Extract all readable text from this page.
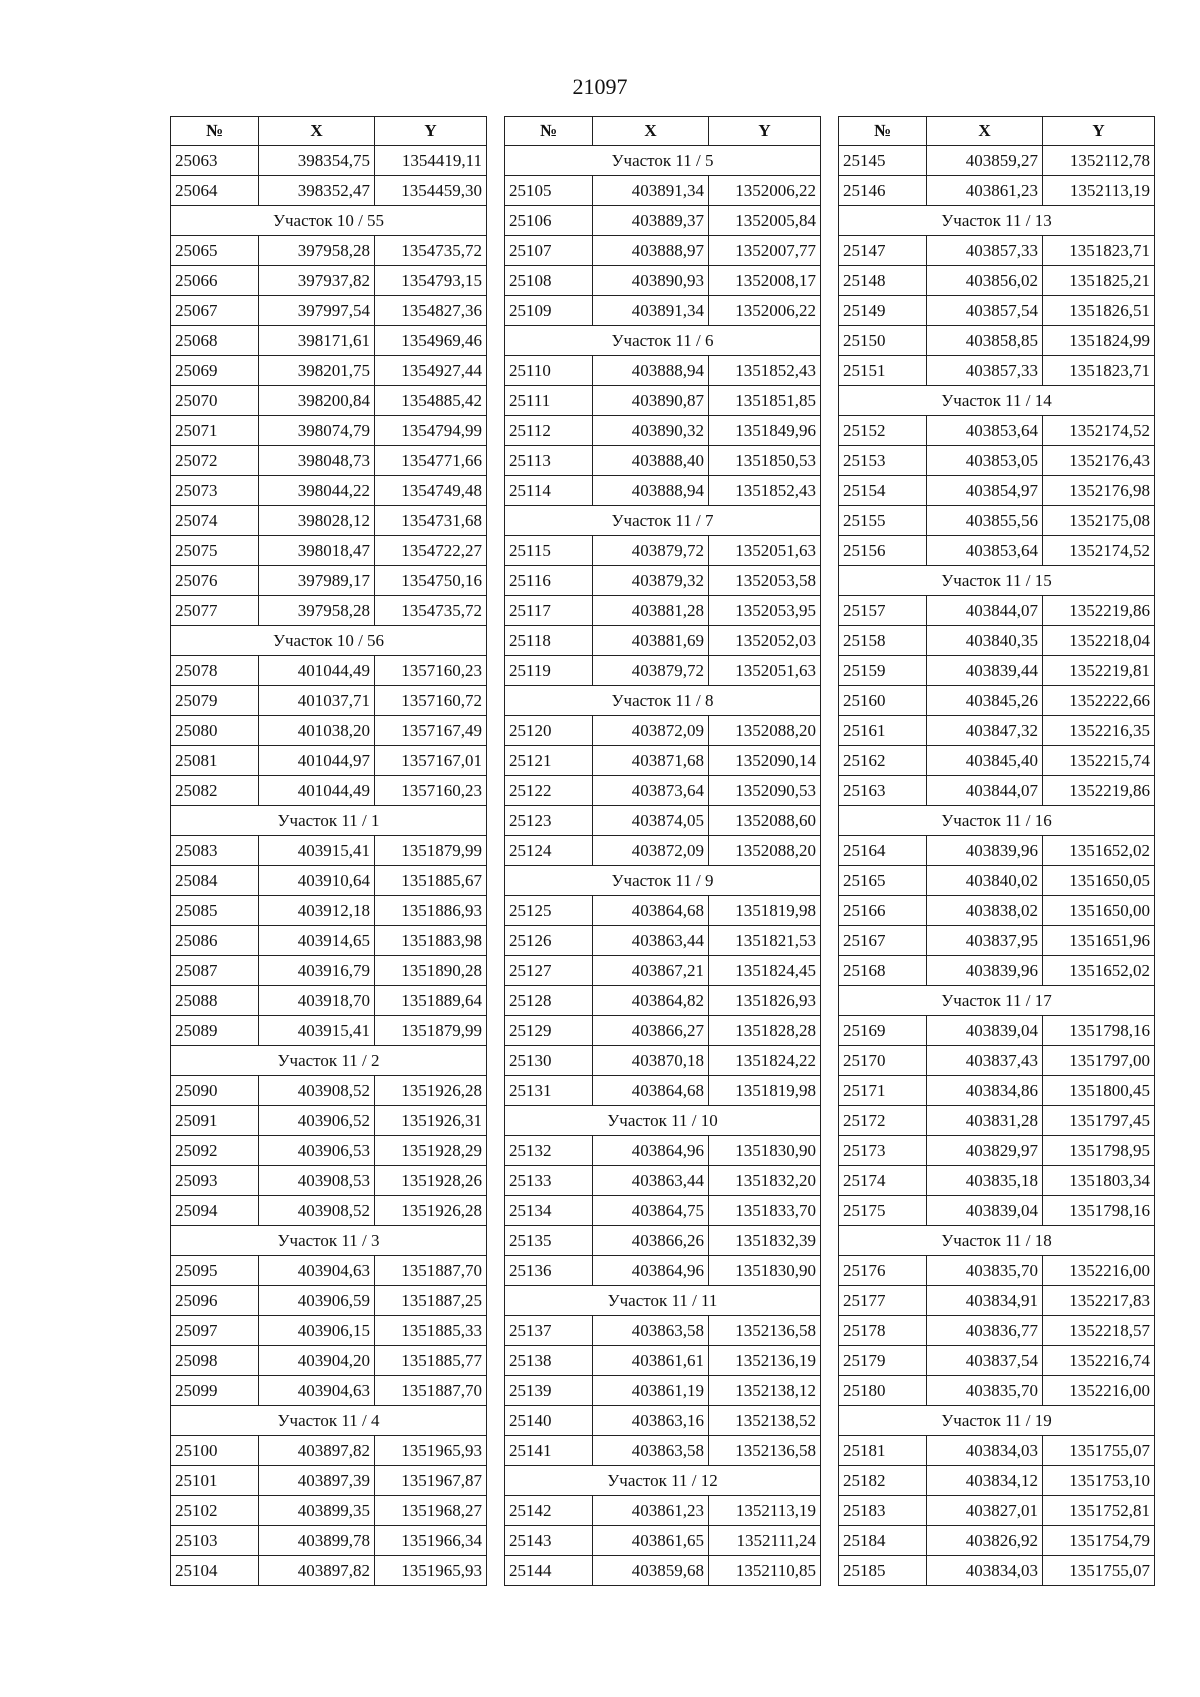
21097
№	X	Y
25063	398354,75	1354419,11
25064	398352,47	1354459,30
Участок 10 / 55		
25065	397958,28	1354735,72
25066	397937,82	1354793,15
25067	397997,54	1354827,36
25068	398171,61	1354969,46
25069	398201,75	1354927,44
25070	398200,84	1354885,42
25071	398074,79	1354794,99
25072	398048,73	1354771,66
25073	398044,22	1354749,48
25074	398028,12	1354731,68
25075	398018,47	1354722,27
25076	397989,17	1354750,16
25077	397958,28	1354735,72
Участок 10 / 56		
25078	401044,49	1357160,23
25079	401037,71	1357160,72
25080	401038,20	1357167,49
25081	401044,97	1357167,01
25082	401044,49	1357160,23
Участок 11 / 1		
25083	403915,41	1351879,99
25084	403910,64	1351885,67
25085	403912,18	1351886,93
25086	403914,65	1351883,98
25087	403916,79	1351890,28
25088	403918,70	1351889,64
25089	403915,41	1351879,99
Участок 11 / 2		
25090	403908,52	1351926,28
25091	403906,52	1351926,31
25092	403906,53	1351928,29
25093	403908,53	1351928,26
25094	403908,52	1351926,28
Участок 11 / 3		
25095	403904,63	1351887,70
25096	403906,59	1351887,25
25097	403906,15	1351885,33
25098	403904,20	1351885,77
25099	403904,63	1351887,70
Участок 11 / 4		
25100	403897,82	1351965,93
25101	403897,39	1351967,87
25102	403899,35	1351968,27
25103	403899,78	1351966,34
25104	403897,82	1351965,93
№	X	Y
Участок 11 / 5		
25105	403891,34	1352006,22
25106	403889,37	1352005,84
25107	403888,97	1352007,77
25108	403890,93	1352008,17
25109	403891,34	1352006,22
Участок 11 / 6		
25110	403888,94	1351852,43
25111	403890,87	1351851,85
25112	403890,32	1351849,96
25113	403888,40	1351850,53
25114	403888,94	1351852,43
Участок 11 / 7		
25115	403879,72	1352051,63
25116	403879,32	1352053,58
25117	403881,28	1352053,95
25118	403881,69	1352052,03
25119	403879,72	1352051,63
Участок 11 / 8		
25120	403872,09	1352088,20
25121	403871,68	1352090,14
25122	403873,64	1352090,53
25123	403874,05	1352088,60
25124	403872,09	1352088,20
Участок 11 / 9		
25125	403864,68	1351819,98
25126	403863,44	1351821,53
25127	403867,21	1351824,45
25128	403864,82	1351826,93
25129	403866,27	1351828,28
25130	403870,18	1351824,22
25131	403864,68	1351819,98
Участок 11 / 10		
25132	403864,96	1351830,90
25133	403863,44	1351832,20
25134	403864,75	1351833,70
25135	403866,26	1351832,39
25136	403864,96	1351830,90
Участок 11 / 11		
25137	403863,58	1352136,58
25138	403861,61	1352136,19
25139	403861,19	1352138,12
25140	403863,16	1352138,52
25141	403863,58	1352136,58
Участок 11 / 12		
25142	403861,23	1352113,19
25143	403861,65	1352111,24
25144	403859,68	1352110,85
№	X	Y
25145	403859,27	1352112,78
25146	403861,23	1352113,19
Участок 11 / 13		
25147	403857,33	1351823,71
25148	403856,02	1351825,21
25149	403857,54	1351826,51
25150	403858,85	1351824,99
25151	403857,33	1351823,71
Участок 11 / 14		
25152	403853,64	1352174,52
25153	403853,05	1352176,43
25154	403854,97	1352176,98
25155	403855,56	1352175,08
25156	403853,64	1352174,52
Участок 11 / 15		
25157	403844,07	1352219,86
25158	403840,35	1352218,04
25159	403839,44	1352219,81
25160	403845,26	1352222,66
25161	403847,32	1352216,35
25162	403845,40	1352215,74
25163	403844,07	1352219,86
Участок 11 / 16		
25164	403839,96	1351652,02
25165	403840,02	1351650,05
25166	403838,02	1351650,00
25167	403837,95	1351651,96
25168	403839,96	1351652,02
Участок 11 / 17		
25169	403839,04	1351798,16
25170	403837,43	1351797,00
25171	403834,86	1351800,45
25172	403831,28	1351797,45
25173	403829,97	1351798,95
25174	403835,18	1351803,34
25175	403839,04	1351798,16
Участок 11 / 18		
25176	403835,70	1352216,00
25177	403834,91	1352217,83
25178	403836,77	1352218,57
25179	403837,54	1352216,74
25180	403835,70	1352216,00
Участок 11 / 19		
25181	403834,03	1351755,07
25182	403834,12	1351753,10
25183	403827,01	1351752,81
25184	403826,92	1351754,79
25185	403834,03	1351755,07
